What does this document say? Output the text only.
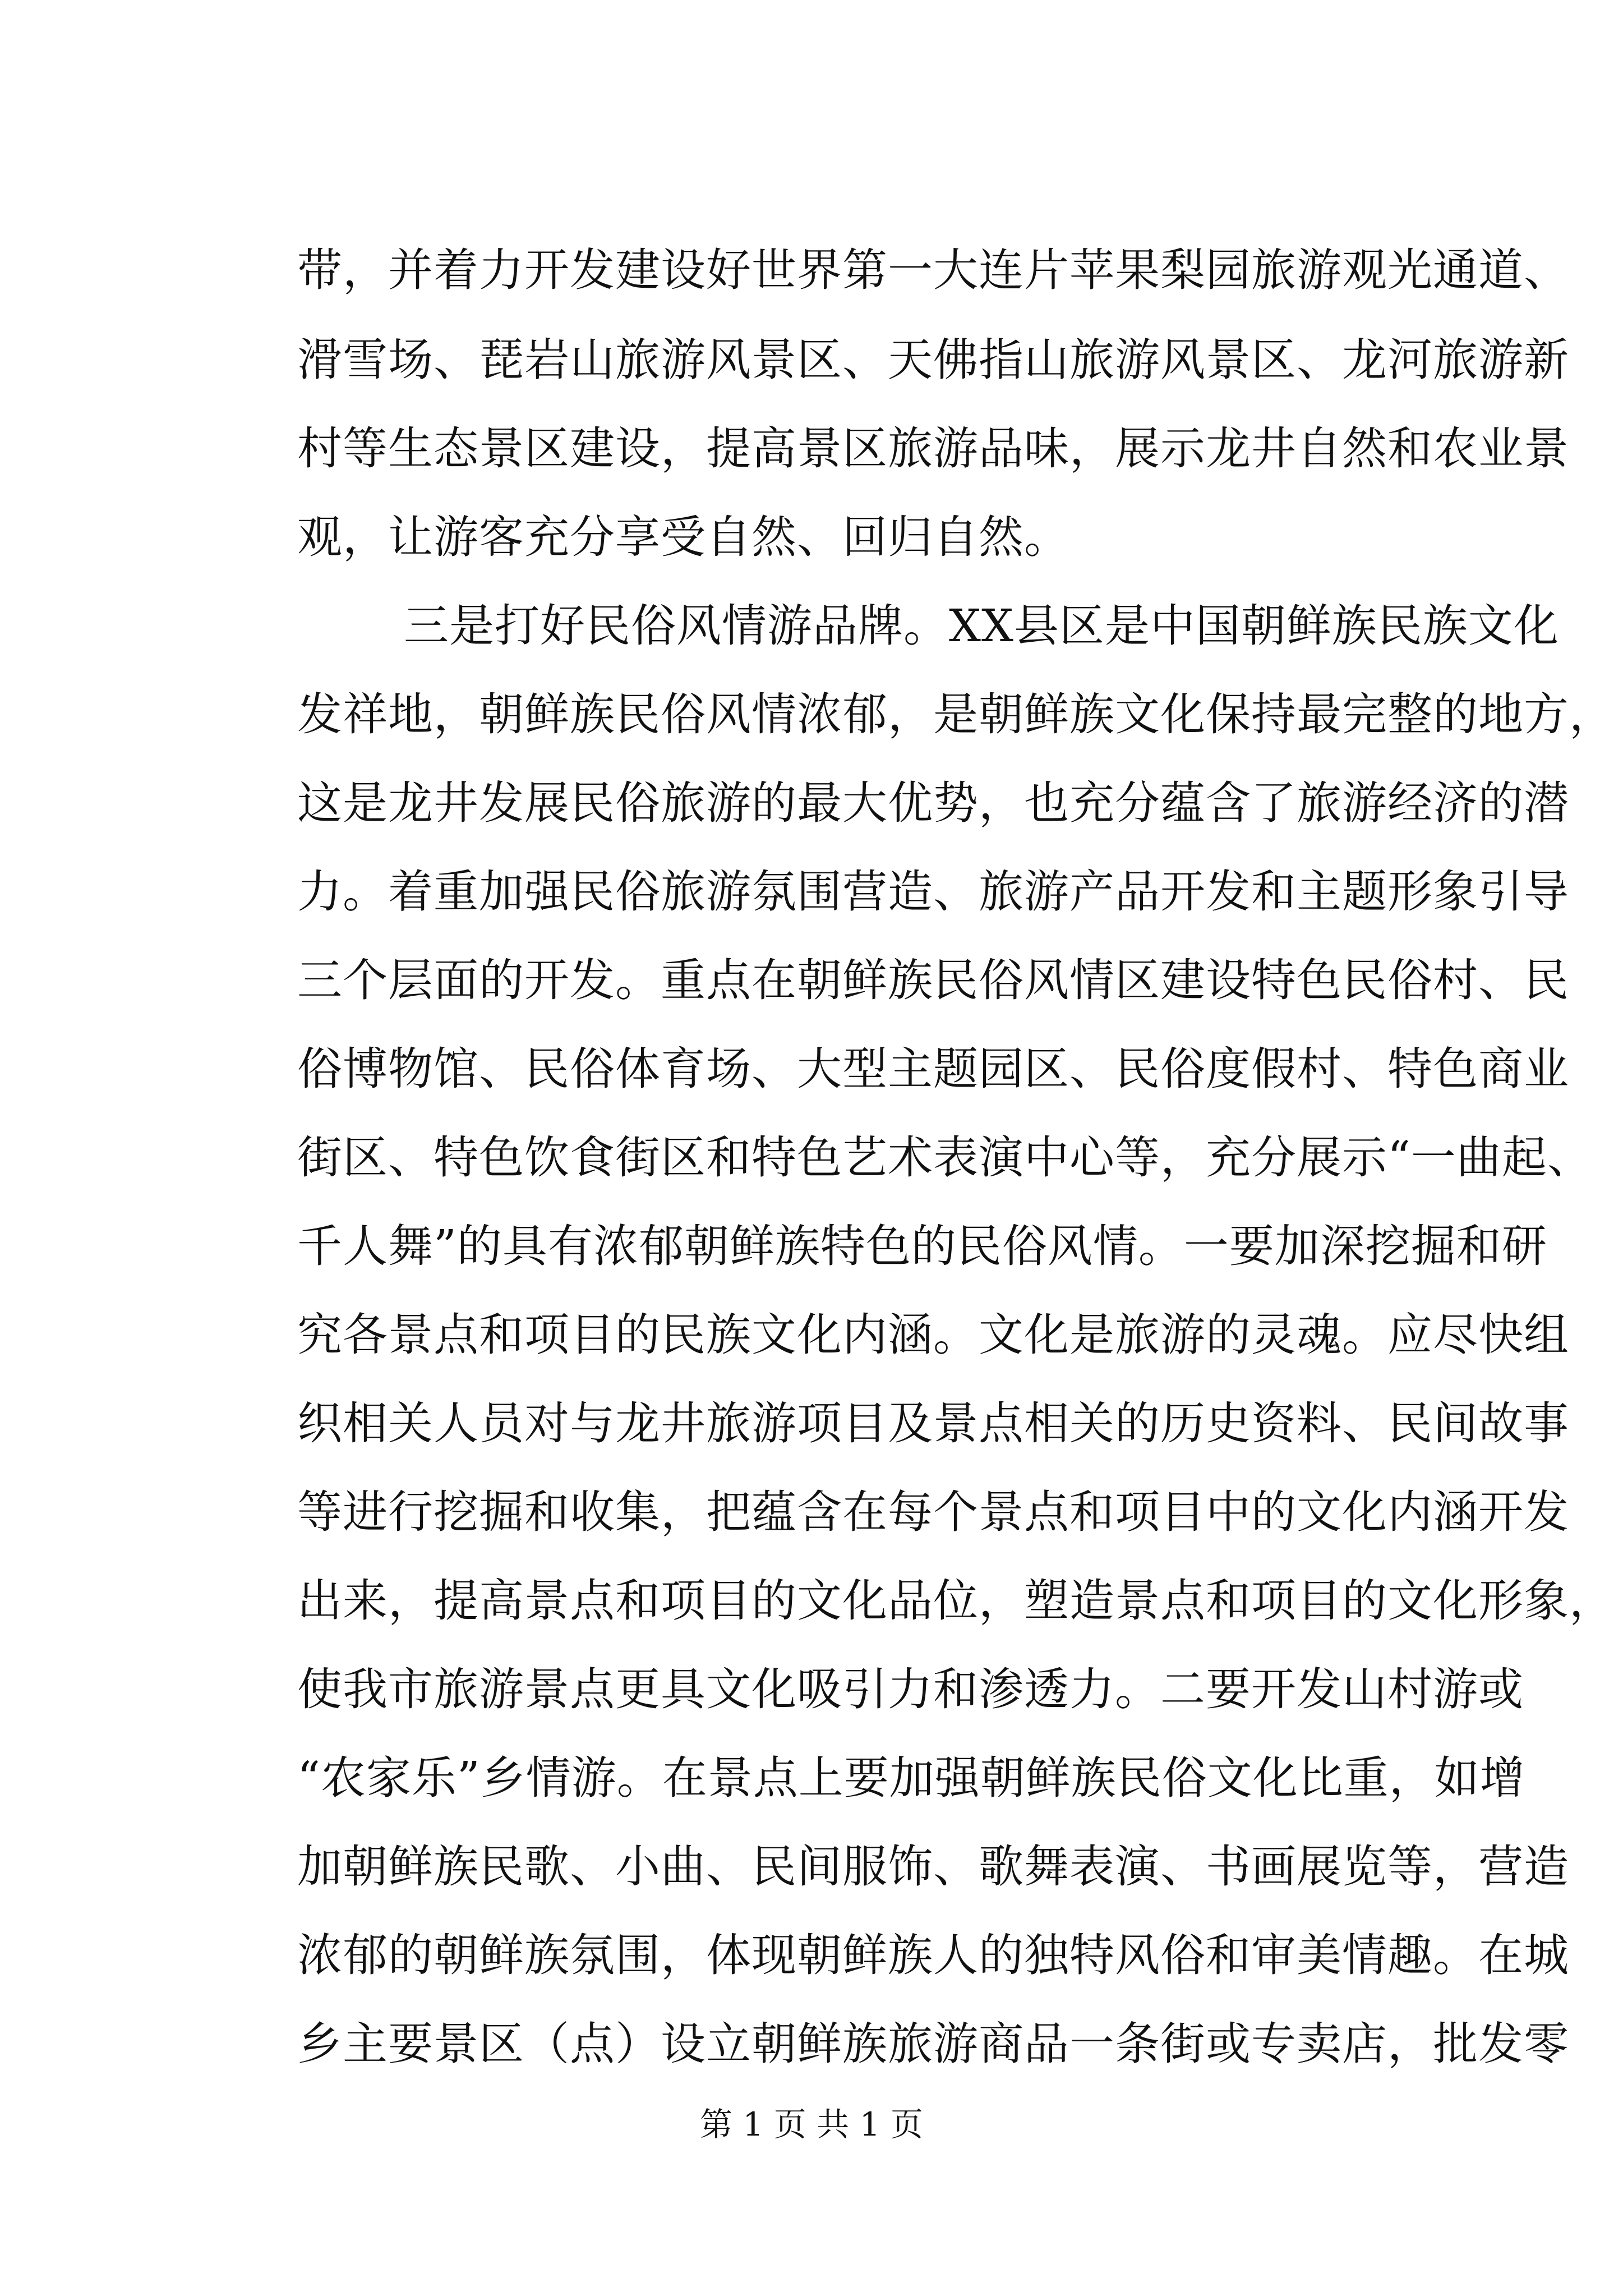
带，并着力开发建设好世界第一大连片苹果梨园旅游观光通道、
滑雪场、琵岩山旅游风景区、天佛指山旅游风景区、龙河旅游新
村等生态景区建设，提高景区旅游品味，展示龙井自然和农业景
观，让游客充分享受自然、回归自然。
三是打好民俗风情游品牌。XX县区是中国朝鲜族民族文化
发祥地，朝鲜族民俗风情浓郁，是朝鲜族文化保持最完整的地方，
这是龙井发展民俗旅游的最大优势，也充分蕴含了旅游经济的潜
力。着重加强民俗旅游氛围营造、旅游产品开发和主题形象引导
三个层面的开发。重点在朝鲜族民俗风情区建设特色民俗村、民
俗博物馆、民俗体育场、大型主题园区、民俗度假村、特色商业
街区、特色饮食街区和特色艺术表演中心等，充分展示“一曲起、
千人舞”的具有浓郁朝鲜族特色的民俗风情。一要加深挖掘和研
究各景点和项目的民族文化内涵。文化是旅游的灵魂。应尽快组
织相关人员对与龙井旅游项目及景点相关的历史资料、民间故事
等进行挖掘和收集，把蕴含在每个景点和项目中的文化内涵开发
出来，提高景点和项目的文化品位，塑造景点和项目的文化形象，
使我市旅游景点更具文化吸引力和渗透力。二要开发山村游或
“农家乐”乡情游。在景点上要加强朝鲜族民俗文化比重，如增
加朝鲜族民歌、小曲、民间服饰、歌舞表演、书画展览等，营造
浓郁的朝鲜族氛围，体现朝鲜族人的独特风俗和审美情趣。在城
乡主要景区（点）设立朝鲜族旅游商品一条街或专卖店，批发零
第 1 页 共 1 页
